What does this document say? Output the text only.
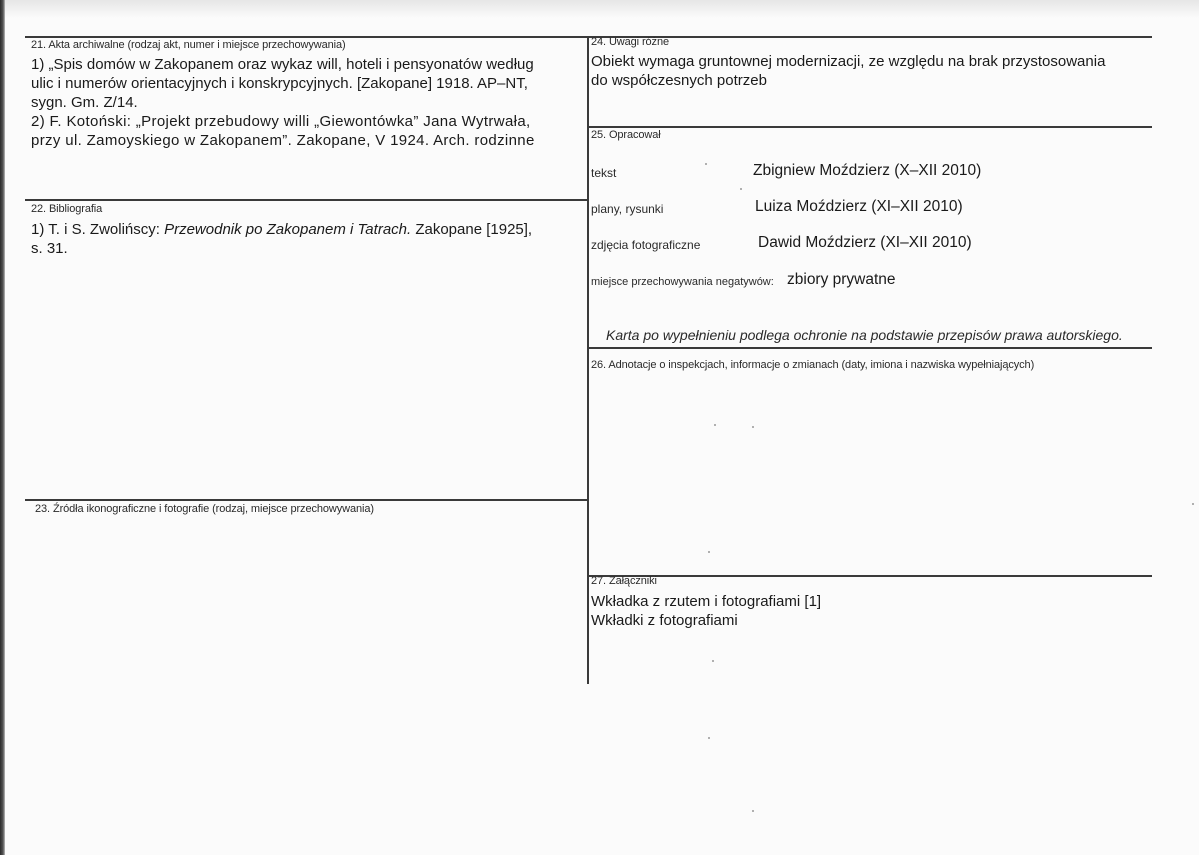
21. Akta archiwalne (rodzaj akt, numer i miejsce przechowywania)
1) „Spis domów w Zakopanem oraz wykaz will, hoteli i pensyonatów według
ulic i numerów orientacyjnych i konskrypcyjnych. [Zakopane] 1918. AP–NT,
sygn. Gm. Z/14.
2) F. Kotoński: „Projekt przebudowy willi „Giewontówka” Jana Wytrwała,
przy ul. Zamoyskiego w Zakopanem”. Zakopane, V 1924. Arch. rodzinne
22. Bibliografia
1) T. i S. Zwolińscy: Przewodnik po Zakopanem i Tatrach. Zakopane [1925],
s. 31.
23. Źródła ikonograficzne i fotografie (rodzaj, miejsce przechowywania)
24. Uwagi różne
Obiekt wymaga gruntownej modernizacji, ze względu na brak przystosowania
do współczesnych potrzeb
25. Opracował
tekst	Zbigniew Moździerz (X–XII 2010)
plany, rysunki	Luiza Moździerz (XI–XII 2010)
zdjęcia fotograficzne	Dawid Moździerz (XI–XII 2010)
miejsce przechowywania negatywów: zbiory prywatne
Karta po wypełnieniu podlega ochronie na podstawie przepisów prawa autorskiego.
26. Adnotacje o inspekcjach, informacje o zmianach (daty, imiona i nazwiska wypełniających)
27. Załączniki
Wkładka z rzutem i fotografiami [1]
Wkładki z fotografiami
